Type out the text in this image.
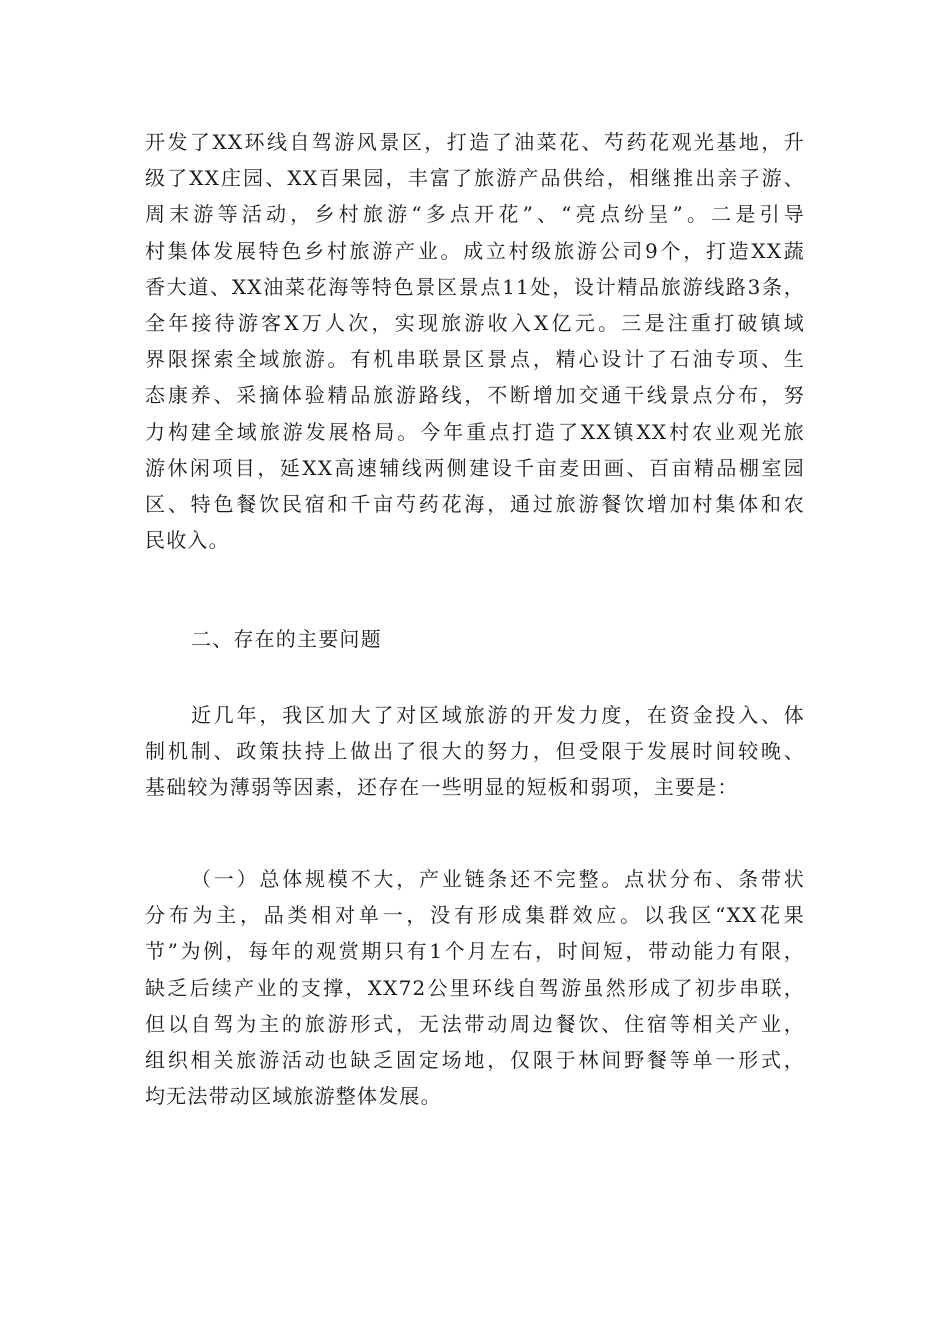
开发了XX环线自驾游风景区，打造了油菜花、芍药花观光基地，升
级了XX庄园、XX百果园，丰富了旅游产品供给，相继推出亲子游、
周末游等活动，乡村旅游“多点开花”、“亮点纷呈”。二是引导
村集体发展特色乡村旅游产业。成立村级旅游公司9个，打造XX蔬
香大道、XX油菜花海等特色景区景点11处，设计精品旅游线路3条，
全年接待游客X万人次，实现旅游收入X亿元。三是注重打破镇域
界限探索全域旅游。有机串联景区景点，精心设计了石油专项、生
态康养、采摘体验精品旅游路线，不断增加交通干线景点分布，努
力构建全域旅游发展格局。今年重点打造了XX镇XX村农业观光旅
游休闲项目，延XX高速辅线两侧建设千亩麦田画、百亩精品棚室园
区、特色餐饮民宿和千亩芍药花海，通过旅游餐饮增加村集体和农
民收入。
二、存在的主要问题
近几年，我区加大了对区域旅游的开发力度，在资金投入、体
制机制、政策扶持上做出了很大的努力，但受限于发展时间较晚、
基础较为薄弱等因素，还存在一些明显的短板和弱项，主要是：
（一）总体规模不大，产业链条还不完整。点状分布、条带状
分布为主，品类相对单一，没有形成集群效应。以我区“XX花果
节”为例，每年的观赏期只有1个月左右，时间短，带动能力有限，
缺乏后续产业的支撑，XX72公里环线自驾游虽然形成了初步串联，
但以自驾为主的旅游形式，无法带动周边餐饮、住宿等相关产业，
组织相关旅游活动也缺乏固定场地，仅限于林间野餐等单一形式，
均无法带动区域旅游整体发展。
